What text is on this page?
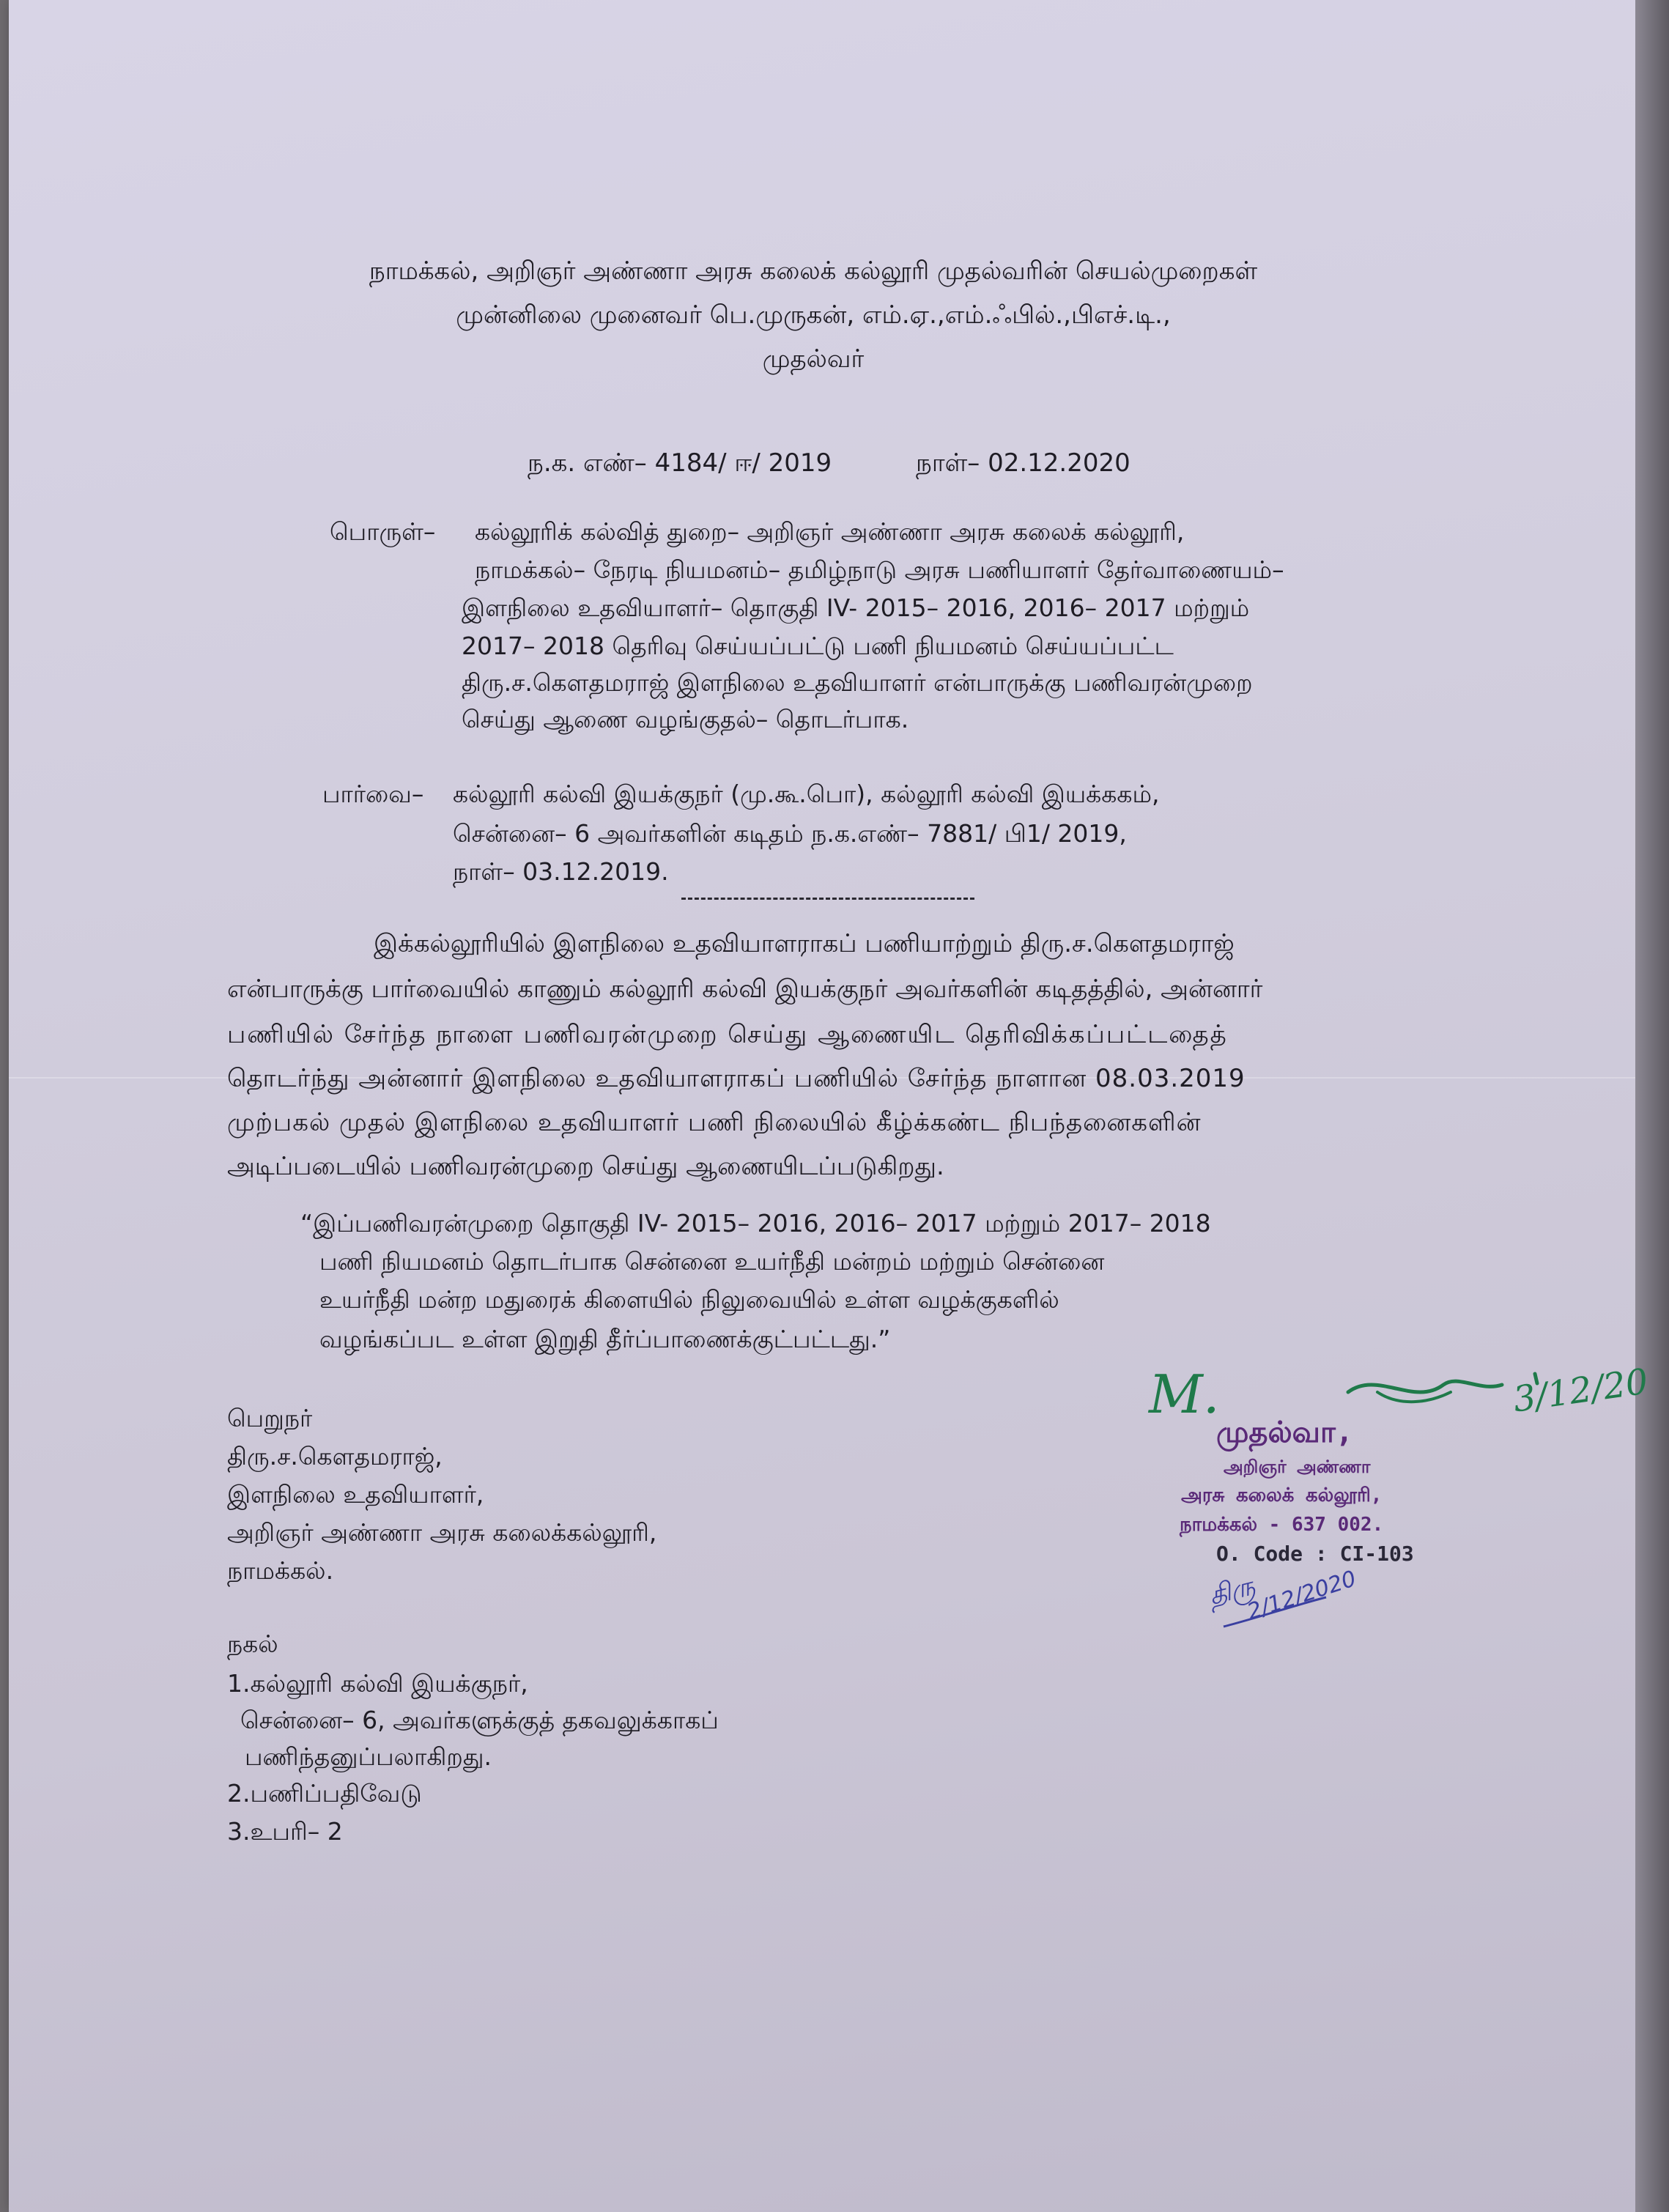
நாமக்கல், அறிஞர் அண்ணா அரசு கலைக் கல்லூரி முதல்வரின் செயல்முறைகள்
முன்னிலை முனைவர் பெ.முருகன், எம்.ஏ.,எம்.ஃபில்.,பிஎச்.டி.,
முதல்வர்
ந.க. எண்– 4184/ ஈ/ 2019	நாள்– 02.12.2020
பொருள்– கல்லூரிக் கல்வித் துறை– அறிஞர் அண்ணா அரசு கலைக் கல்லூரி,
நாமக்கல்– நேரடி நியமனம்– தமிழ்நாடு அரசு பணியாளர் தேர்வாணையம்–
இளநிலை உதவியாளர்– தொகுதி IV- 2015– 2016, 2016– 2017 மற்றும்
2017– 2018 தெரிவு செய்யப்பட்டு பணி நியமனம் செய்யப்பட்ட
திரு.ச.கௌதமராஜ் இளநிலை உதவியாளர் என்பாருக்கு பணிவரன்முறை
செய்து ஆணை வழங்குதல்– தொடர்பாக.
பார்வை– கல்லூரி கல்வி இயக்குநர் (மு.கூ.பொ), கல்லூரி கல்வி இயக்ககம்,
சென்னை– 6 அவர்களின் கடிதம் ந.க.எண்– 7881/ பி1/ 2019,
நாள்– 03.12.2019.
இக்கல்லூரியில் இளநிலை உதவியாளராகப் பணியாற்றும் திரு.ச.கௌதமராஜ்
என்பாருக்கு பார்வையில் காணும் கல்லூரி கல்வி இயக்குநர் அவர்களின் கடிதத்தில், அன்னார்
பணியில் சேர்ந்த நாளை பணிவரன்முறை செய்து ஆணையிட தெரிவிக்கப்பட்டதைத்
தொடர்ந்து அன்னார் இளநிலை உதவியாளராகப் பணியில் சேர்ந்த நாளான 08.03.2019
முற்பகல் முதல் இளநிலை உதவியாளர் பணி நிலையில் கீழ்க்கண்ட நிபந்தனைகளின்
அடிப்படையில் பணிவரன்முறை செய்து ஆணையிடப்படுகிறது.
“இப்பணிவரன்முறை தொகுதி IV- 2015– 2016, 2016– 2017 மற்றும் 2017– 2018
பணி நியமனம் தொடர்பாக சென்னை உயர்நீதி மன்றம் மற்றும் சென்னை
உயர்நீதி மன்ற மதுரைக் கிளையில் நிலுவையில் உள்ள வழக்குகளில்
வழங்கப்பட உள்ள இறுதி தீர்ப்பாணைக்குட்பட்டது.”
பெறுநர்
திரு.ச.கௌதமராஜ்,
இளநிலை உதவியாளர்,
அறிஞர் அண்ணா அரசு கலைக்கல்லூரி,
நாமக்கல்.
நகல்
1.கல்லூரி கல்வி இயக்குநர்,
சென்னை– 6, அவர்களுக்குத் தகவலுக்காகப்
பணிந்தனுப்பலாகிறது.
2.பணிப்பதிவேடு
3.உபரி– 2
M.	3/12/20
முதல்வா,
அறிஞர் அண்ணா
அரசு கலைக் கல்லூரி,
நாமக்கல் - 637 002.
O. Code : CI-103
திரு
2/12/2020
